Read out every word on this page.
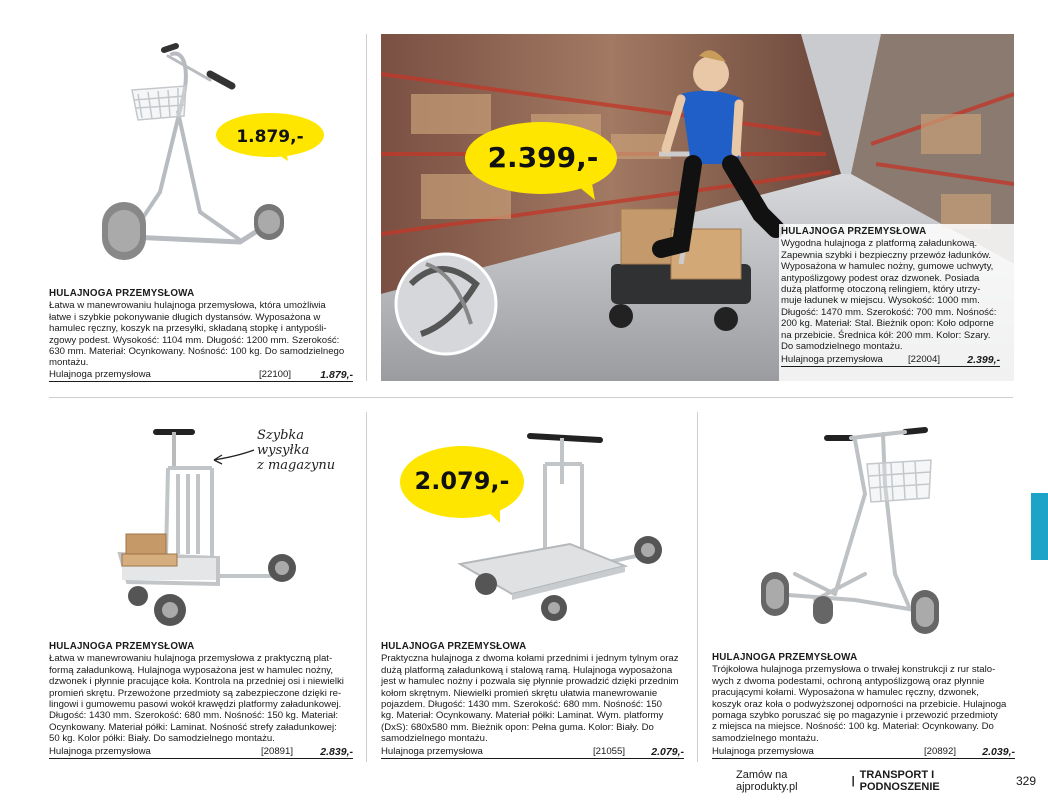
1.879,-
HULAJNOGA PRZEMYSŁOWA

Łatwa w manewrowaniu hulajnoga przemysłowa, która umożliwia
łatwe i szybkie pokonywanie długich dystansów. Wyposażona w
hamulec ręczny, koszyk na przesyłki, składaną stopkę i antypośli-
zgowy podest. Wysokość: 1104 mm. Długość: 1200 mm. Szerokość:
630 mm. Materiał: Ocynkowany. Nośność: 100 kg. Do samodzielnego
montażu.

Hulajnoga przemysłowa	[22100]	1.879,-
2.399,-
HULAJNOGA PRZEMYSŁOWA

Wygodna hulajnoga z platformą załadunkową.
Zapewnia szybki i bezpieczny przewóz ładunków.
Wyposażona w hamulec nożny, gumowe uchwyty,
antypoślizgowy podest oraz dzwonek. Posiada
dużą platformę otoczoną relingiem, który utrzy-
muje ładunek w miejscu. Wysokość: 1000 mm.
Długość: 1470 mm. Szerokość: 700 mm. Nośność:
200 kg. Materiał: Stal. Bieżnik opon: Koło odporne
na przebicie. Średnica kół: 200 mm. Kolor: Szary.
Do samodzielnego montażu.

Hulajnoga przemysłowa	[22004]	2.399,-
Szybka
wysyłka
z magazynu
HULAJNOGA PRZEMYSŁOWA

Łatwa w manewrowaniu hulajnoga przemysłowa z praktyczną plat-
formą załadunkową. Hulajnoga wyposażona jest w hamulec nożny,
dzwonek i płynnie pracujące koła. Kontrola na przedniej osi i niewielki
promień skrętu. Przewożone przedmioty są zabezpieczone dzięki re-
lingowi i gumowemu pasowi wokół krawędzi platformy załadunkowej.
Długość: 1430 mm. Szerokość: 680 mm. Nośność: 150 kg. Materiał:
Ocynkowany. Materiał półki: Laminat. Nośność strefy załadunkowej:
50 kg. Kolor półki: Biały. Do samodzielnego montażu.

Hulajnoga przemysłowa	[20891]	2.839,-
2.079,-
HULAJNOGA PRZEMYSŁOWA

Praktyczna hulajnoga z dwoma kołami przednimi i jednym tylnym oraz
dużą platformą załadunkową i stalową ramą. Hulajnoga wyposażona
jest w hamulec nożny i pozwala się płynnie prowadzić dzięki przednim
kołom skrętnym. Niewielki promień skrętu ułatwia manewrowanie
pojazdem. Długość: 1430 mm. Szerokość: 680 mm. Nośność: 150
kg. Materiał: Ocynkowany. Materiał półki: Laminat. Wym. platformy
(DxS): 680x580 mm. Bieżnik opon: Pełna guma. Kolor: Biały. Do
samodzielnego montażu.

Hulajnoga przemysłowa	[21055]	2.079,-
HULAJNOGA PRZEMYSŁOWA

Trójkołowa hulajnoga przemysłowa o trwałej konstrukcji z rur stalo-
wych z dwoma podestami, ochroną antypoślizgową oraz płynnie
pracującymi kołami. Wyposażona w hamulec ręczny, dzwonek,
koszyk oraz koła o podwyższonej odporności na przebicie. Hulajnoga
pomaga szybko poruszać się po magazynie i przewozić przedmioty
z miejsca na miejsce. Nośność: 100 kg. Materiał: Ocynkowany. Do
samodzielnego montażu.

Hulajnoga przemysłowa	[20892]	2.039,-
Zamów na ajprodukty.pl	| TRANSPORT I PODNOSZENIE	329
